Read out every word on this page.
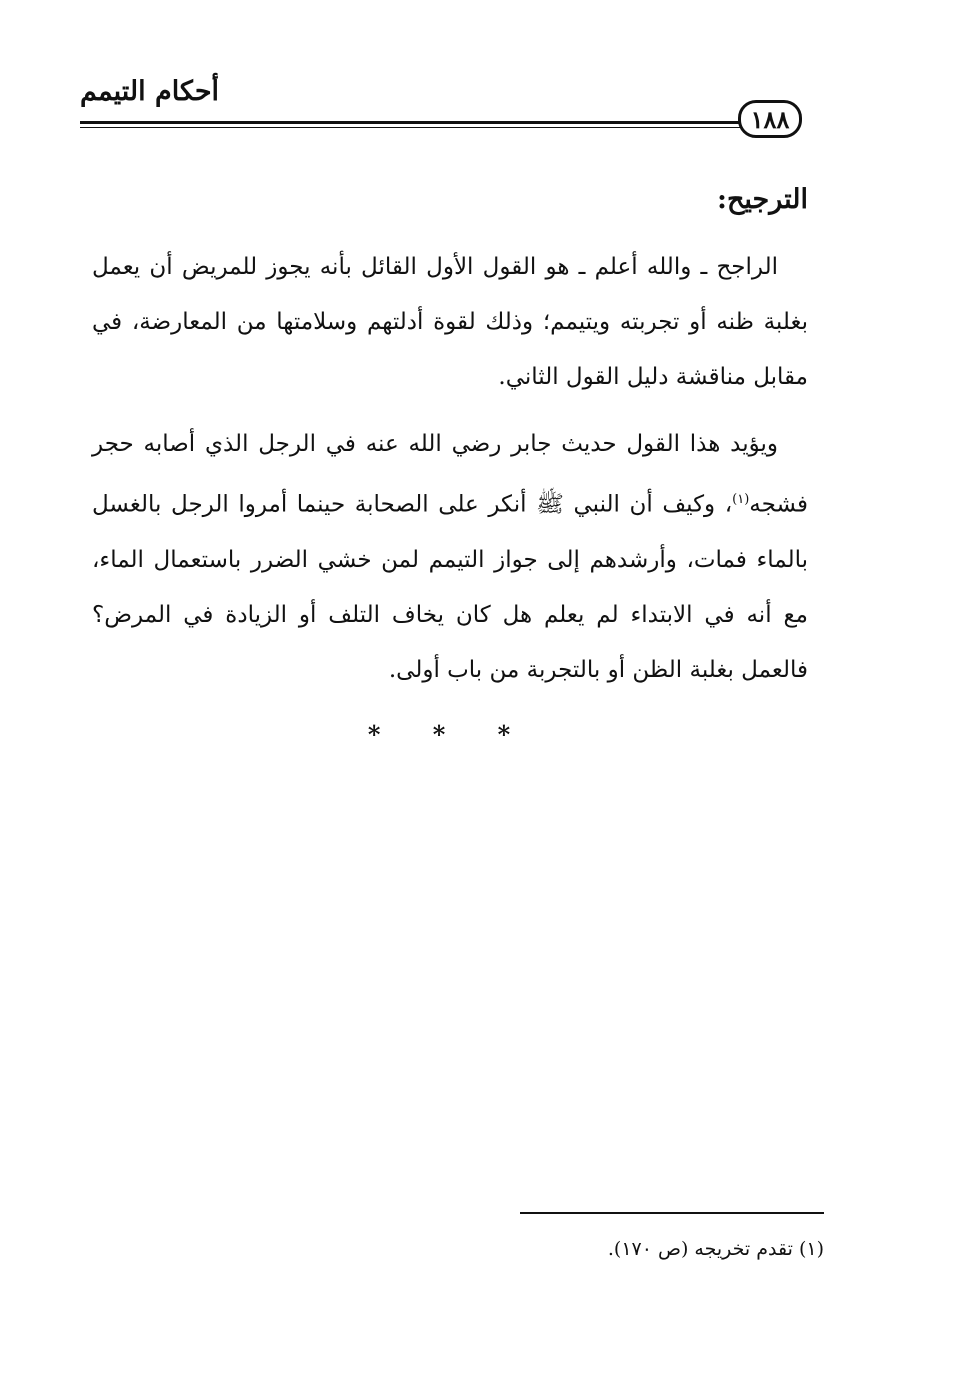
أحكام التيمم
١٨٨
الترجيح:

الراجح ـ والله أعلم ـ هو القول الأول القائل بأنه يجوز للمريض أن يعمل بغلبة ظنه أو تجربته ويتيمم؛ وذلك لقوة أدلتهم وسلامتها من المعارضة، في مقابل مناقشة دليل القول الثاني.

ويؤيد هذا القول حديث جابر رضي الله عنه في الرجل الذي أصابه حجر فشجه$^{(١)}$، وكيف أن النبي ﷺ أنكر على الصحابة حينما أمروا الرجل بالغسل بالماء فمات، وأرشدهم إلى جواز التيمم لمن خشي الضرر باستعمال الماء، مع أنه في الابتداء لم يعلم هل كان يخاف التلف أو الزيادة في المرض؟ فالعمل بغلبة الظن أو بالتجربة من باب أولى.

* * *
(١) تقدم تخريجه (ص ١٧٠).
